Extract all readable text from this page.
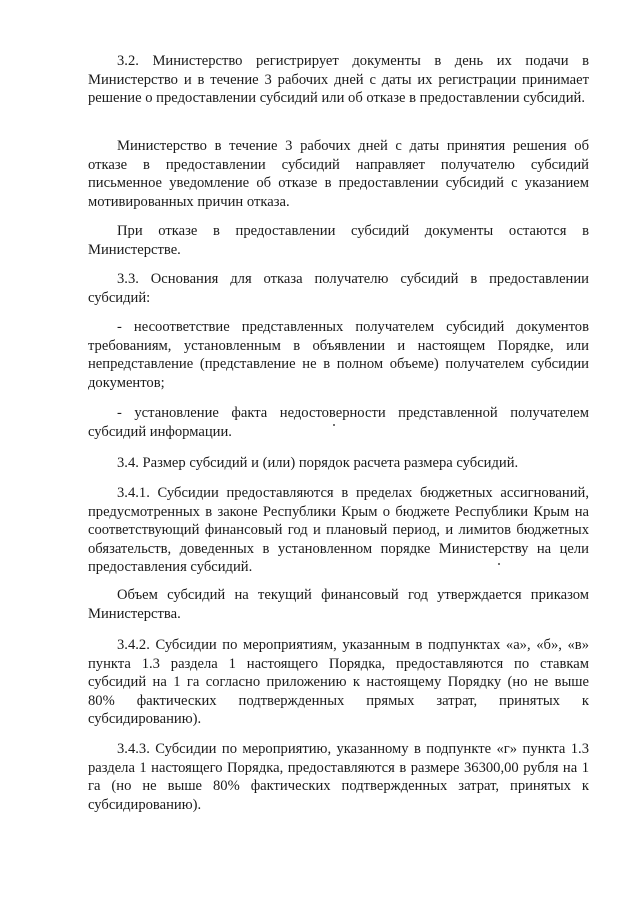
3.2. Министерство регистрирует документы в день их подачи в Министерство и в течение 3 рабочих дней с даты их регистрации принимает решение о предоставлении субсидий или об отказе в предоставлении субсидий.

Министерство в течение 3 рабочих дней с даты принятия решения об отказе в предоставлении субсидий направляет получателю субсидий письменное уведомление об отказе в предоставлении субсидий с указанием мотивированных причин отказа.

При отказе в предоставлении субсидий документы остаются в Министерстве.

3.3. Основания для отказа получателю субсидий в предоставлении субсидий:

- несоответствие представленных получателем субсидий документов требованиям, установленным в объявлении и настоящем Порядке, или непредставление (представление не в полном объеме) получателем субсидии документов;

- установление факта недостоверности представленной получателем субсидий информации.

3.4. Размер субсидий и (или) порядок расчета размера субсидий.

3.4.1. Субсидии предоставляются в пределах бюджетных ассигнований, предусмотренных в законе Республики Крым о бюджете Республики Крым на соответствующий финансовый год и плановый период, и лимитов бюджетных обязательств, доведенных в установленном порядке Министерству на цели предоставления субсидий.

Объем субсидий на текущий финансовый год утверждается приказом Министерства.

3.4.2. Субсидии по мероприятиям, указанным в подпунктах «а», «б», «в» пункта 1.3 раздела 1 настоящего Порядка, предоставляются по ставкам субсидий на 1 га согласно приложению к настоящему Порядку (но не выше 80% фактических подтвержденных прямых затрат, принятых к субсидированию).

3.4.3. Субсидии по мероприятию, указанному в подпункте «г» пункта 1.3 раздела 1 настоящего Порядка, предоставляются в размере 36300,00 рубля на 1 га (но не выше 80% фактических подтвержденных затрат, принятых к субсидированию).
